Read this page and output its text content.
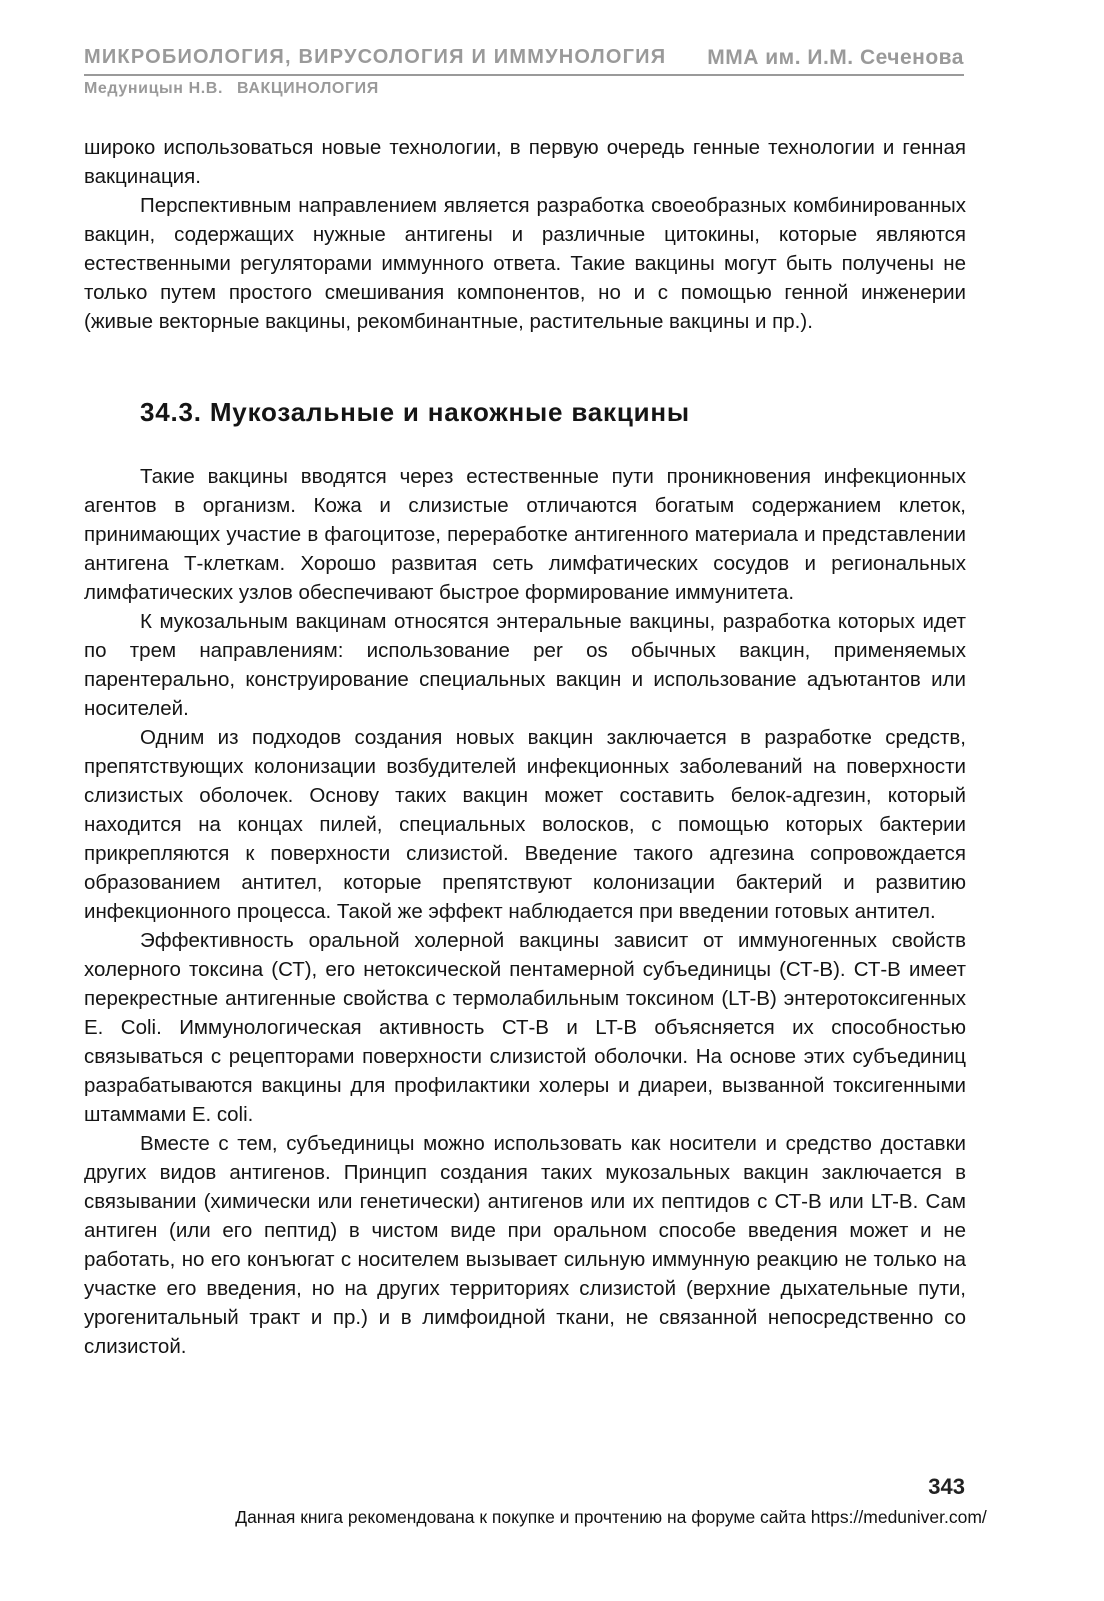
МИКРОБИОЛОГИЯ, ВИРУСОЛОГИЯ И ИММУНОЛОГИЯ ММА им. И.М. Сеченова
Медуницын Н.В. ВАКЦИНОЛОГИЯ

широко использоваться новые технологии, в первую очередь генные технологии и генная вакцинация.

Перспективным направлением является разработка своеобразных комбинированных вакцин, содержащих нужные антигены и различные цитокины, которые являются естественными регуляторами иммунного ответа. Такие вакцины могут быть получены не только путем простого смешивания компонентов, но и с помощью генной инженерии (живые векторные вакцины, рекомбинантные, растительные вакцины и пр.).

34.3. Мукозальные и накожные вакцины

Такие вакцины вводятся через естественные пути проникновения инфекционных агентов в организм. Кожа и слизистые отличаются богатым содержанием клеток, принимающих участие в фагоцитозе, переработке антигенного материала и представлении антигена Т-клеткам. Хорошо развитая сеть лимфатических сосудов и региональных лимфатических узлов обеспечивают быстрое формирование иммунитета.

К мукозальным вакцинам относятся энтеральные вакцины, разработка которых идет по трем направлениям: использование per os обычных вакцин, применяемых парентерально, конструирование специальных вакцин и использование адъютантов или носителей.

Одним из подходов создания новых вакцин заключается в разработке средств, препятствующих колонизации возбудителей инфекционных заболеваний на поверхности слизистых оболочек. Основу таких вакцин может составить белок-адгезин, который находится на концах пилей, специальных волосков, с помощью которых бактерии прикрепляются к поверхности слизистой. Введение такого адгезина сопровождается образованием антител, которые препятствуют колонизации бактерий и развитию инфекционного процесса. Такой же эффект наблюдается при введении готовых антител.

Эффективность оральной холерной вакцины зависит от иммуногенных свойств холерного токсина (СТ), его нетоксической пентамерной субъединицы (СТ-В). СТ-В имеет перекрестные антигенные свойства с термолабильным токсином (LT-B) энтеротоксигенных E. Coli. Иммунологическая активность СТ-В и LT-B объясняется их способностью связываться с рецепторами поверхности слизистой оболочки. На основе этих субъединиц разрабатываются вакцины для профилактики холеры и диареи, вызванной токсигенными штаммами E. coli.

Вместе с тем, субъединицы можно использовать как носители и средство доставки других видов антигенов. Принцип создания таких мукозальных вакцин заключается в связывании (химически или генетически) антигенов или их пептидов с СТ-В или LT-B. Сам антиген (или его пептид) в чистом виде при оральном способе введения может и не работать, но его конъюгат с носителем вызывает сильную иммунную реакцию не только на участке его введения, но на других территориях слизистой (верхние дыхательные пути, урогенитальный тракт и пр.) и в лимфоидной ткани, не связанной непосредственно со слизистой.

343
Данная книга рекомендована к покупке и прочтению на форуме сайта https://meduniver.com/
